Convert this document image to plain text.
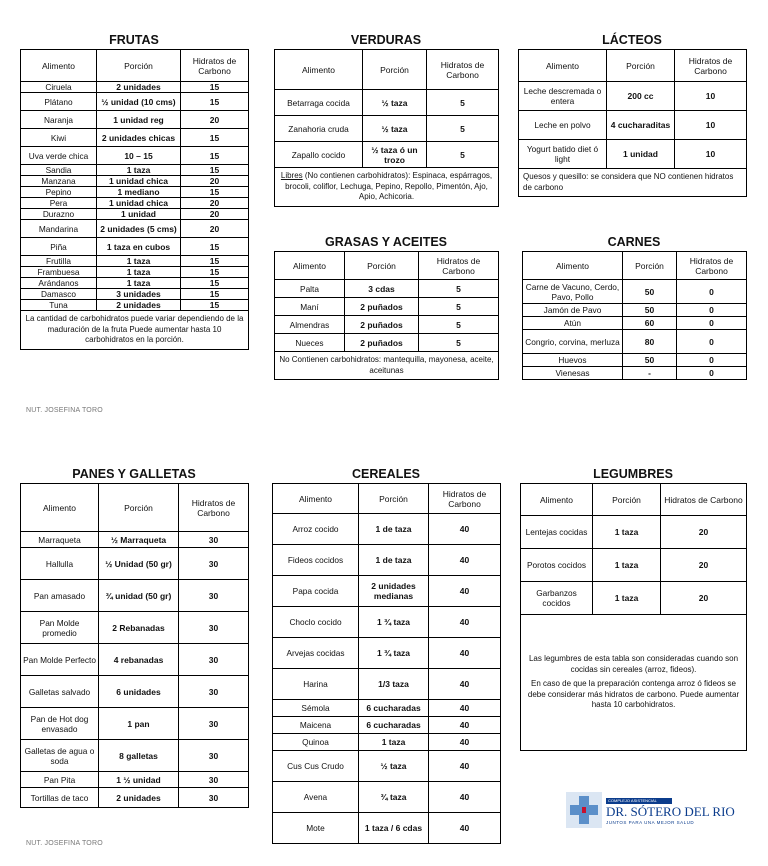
FRUTAS
Alimento	Porción	Hidratos de Carbono
Ciruela	2 unidades	15
Plátano	½ unidad (10 cms)	15
Naranja	1 unidad reg	20
Kiwi	2 unidades chicas	15
Uva verde chica	10 – 15	15
Sandia	1 taza	15
Manzana	1 unidad chica	20
Pepino	1 mediano	15
Pera	1 unidad chica	20
Durazno	1 unidad	20
Mandarina	2 unidades (5 cms)	20
Piña	1 taza en cubos	15
Frutilla	1 taza	15
Frambuesa	1 taza	15
Arándanos	1 taza	15
Damasco	3 unidades	15
Tuna	2 unidades	15
La cantidad de carbohidratos puede variar dependiendo de la maduración de la fruta Puede aumentar hasta 10 carbohidratos en la porción.		
VERDURAS
Alimento	Porción	Hidratos de Carbono
Betarraga cocida	½ taza	5
Zanahoria cruda	½ taza	5
Zapallo cocido	½ taza ó un trozo	5
Libres (No contienen carbohidratos): Espinaca, espárragos, brocoli, coliflor, Lechuga, Pepino, Repollo, Pimentón, Ajo, Apio, Achicoria.		
LÁCTEOS
Alimento	Porción	Hidratos de Carbono
Leche descremada o entera	200 cc	10
Leche en polvo	4 cucharaditas	10
Yogurt batido diet ó light	1 unidad	10
Quesos y quesillo: se considera que NO contienen hidratos de carbono		
GRASAS Y ACEITES
Alimento	Porción	Hidratos de Carbono
Palta	3 cdas	5
Maní	2 puñados	5
Almendras	2 puñados	5
Nueces	2 puñados	5
No Contienen carbohidratos: mantequilla, mayonesa, aceite, aceitunas		
CARNES
Alimento	Porción	Hidratos de Carbono
Carne de Vacuno, Cerdo, Pavo, Pollo	50	0
Jamón de Pavo	50	0
Atún	60	0
Congrio, corvina, merluza	80	0
Huevos	50	0
Vienesas	-	0
PANES Y GALLETAS
Alimento	Porción	Hidratos de Carbono
Marraqueta	½ Marraqueta	30
Hallulla	½ Unidad (50 gr)	30
Pan amasado	¾ unidad (50 gr)	30
Pan Molde promedio	2 Rebanadas	30
Pan Molde Perfecto	4 rebanadas	30
Galletas salvado	6 unidades	30
Pan de Hot dog envasado	1 pan	30
Galletas de agua o soda	8 galletas	30
Pan Pita	1 ½ unidad	30
Tortillas de taco	2 unidades	30
CEREALES
Alimento	Porción	Hidratos de Carbono
Arroz cocido	1 de taza	40
Fideos cocidos	1 de taza	40
Papa cocida	2 unidades medianas	40
Choclo cocido	1 ¾ taza	40
Arvejas cocidas	1 ¾ taza	40
Harina	1/3 taza	40
Sémola	6 cucharadas	40
Maicena	6 cucharadas	40
Quinoa	1 taza	40
Cus Cus Crudo	½ taza	40
Avena	¾ taza	40
Mote	1 taza / 6 cdas	40
LEGUMBRES
Alimento	Porción	Hidratos de Carbono
Lentejas cocidas	1 taza	20
Porotos cocidos	1 taza	20
Garbanzos cocidos	1 taza	20

Las legumbres de esta tabla son consideradas cuando son cocidas sin cereales (arroz, fideos).
En caso de que la preparación contenga arroz ó fideos se debe considerar más hidratos de carbono. Puede aumentar hasta 10 carbohidratos.		
NUT. JOSEFINA TORO
NUT. JOSEFINA TORO
COMPLEJO ASISTENCIAL
DR. SÓTERO DEL RIO
JUNTOS PARA UNA MEJOR SALUD
